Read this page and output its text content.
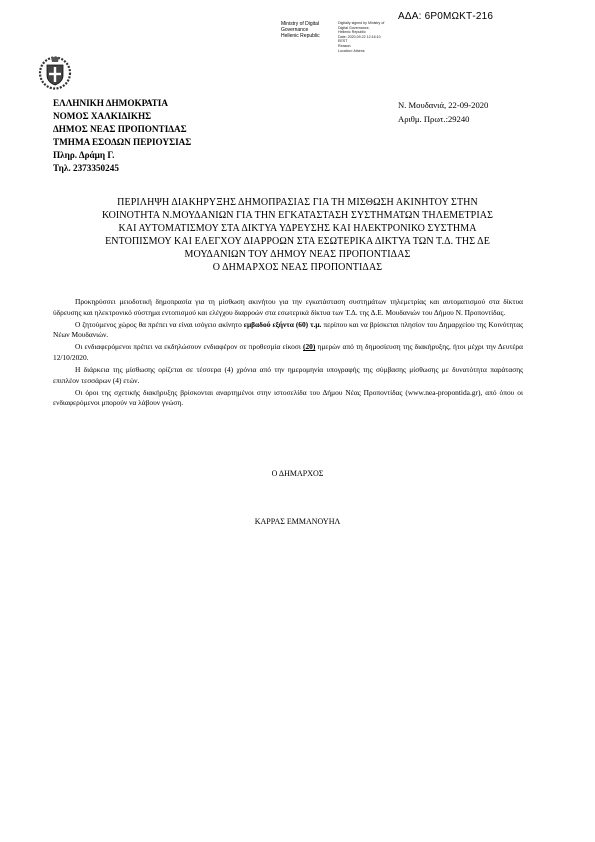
ΑΔΑ: 6Ρ0ΜΩΚΤ-216
Ministry of Digital
Governance
Hellenic Republic
Digitally signed by Ministry of
Digital Governance,
Hellenic Republic
Date: 2020.09.22 12:16:10
EEST
Reason:
Location: Athens
ΕΛΛΗΝΙΚΗ ΔΗΜΟΚΡΑΤΙΑ
ΝΟΜΟΣ ΧΑΛΚΙΔΙΚΗΣ
ΔΗΜΟΣ ΝΕΑΣ ΠΡΟΠΟΝΤΙΔΑΣ
ΤΜΗΜΑ ΕΣΟΔΩΝ ΠΕΡΙΟΥΣΙΑΣ
Πληρ. Δράμη Γ.
Τηλ. 2373350245
Ν. Μουδανιά, 22-09-2020
Αριθμ. Πρωτ.:29240
ΠΕΡΙΛΗΨΗ ΔΙΑΚΗΡΥΞΗΣ ΔΗΜΟΠΡΑΣΙΑΣ ΓΙΑ ΤΗ ΜΙΣΘΩΣΗ ΑΚΙΝΗΤΟΥ ΣΤΗΝ
ΚΟΙΝΟΤΗΤΑ Ν.ΜΟΥΔΑΝΙΩΝ ΓΙΑ ΤΗΝ ΕΓΚΑΤΑΣΤΑΣΗ ΣΥΣΤΗΜΑΤΩΝ ΤΗΛΕΜΕΤΡΙΑΣ
ΚΑΙ ΑΥΤΟΜΑΤΙΣΜΟΥ ΣΤΑ ΔΙΚΤΥΑ ΥΔΡΕΥΣΗΣ ΚΑΙ ΗΛΕΚΤΡΟΝΙΚΟ ΣΥΣΤΗΜΑ
ΕΝΤΟΠΙΣΜΟΥ ΚΑΙ ΕΛΕΓΧΟΥ ΔΙΑΡΡΟΩΝ ΣΤΑ ΕΣΩΤΕΡΙΚΑ ΔΙΚΤΥΑ ΤΩΝ Τ.Δ. ΤΗΣ ΔΕ
ΜΟΥΔΑΝΙΩΝ ΤΟΥ ΔΗΜΟΥ ΝΕΑΣ ΠΡΟΠΟΝΤΙΔΑΣ
Ο ΔΗΜΑΡΧΟΣ ΝΕΑΣ ΠΡΟΠΟΝΤΙΔΑΣ

Προκηρύσσει μειοδοτική δημοπρασία για τη μίσθωση ακινήτου για την εγκατάσταση συστημάτων τηλεμετρίας και αυτοματισμού στα δίκτυα ύδρευσης και ηλεκτρονικό σύστημα εντοπισμού και ελέγχου διαρροών στα εσωτερικά δίκτυα των Τ.Δ. της Δ.Ε. Μουδανιών του Δήμου Ν. Προποντίδας.

Ο ζητούμενος χώρος θα πρέπει να είναι ισόγειο ακίνητο εμβαδού εξήντα (60) τ.μ. περίπου και να βρίσκεται πλησίον του Δημαρχείου της Κοινότητας Νέων Μουδανιών.

Οι ενδιαφερόμενοι πρέπει να εκδηλώσουν ενδιαφέρον σε προθεσμία είκοσι (20) ημερών από τη δημοσίευση της διακήρυξης, ήτοι μέχρι την Δευτέρα 12/10/2020.

Η διάρκεια της μίσθωσης ορίζεται σε τέσσερα (4) χρόνια από την ημερομηνία υπογραφής της σύμβασης μίσθωσης με δυνατότητα παράτασης επιπλέον τεσσάρων (4) ετών.

Οι όροι της σχετικής διακήρυξης βρίσκονται αναρτημένοι στην ιστοσελίδα του Δήμου Νέας Προποντίδας (www.nea-propontida.gr), από όπου οι ενδιαφερόμενοι μπορούν να λάβουν γνώση.

Ο ΔΗΜΑΡΧΟΣ
ΚΑΡΡΑΣ ΕΜΜΑΝΟΥΗΛ
